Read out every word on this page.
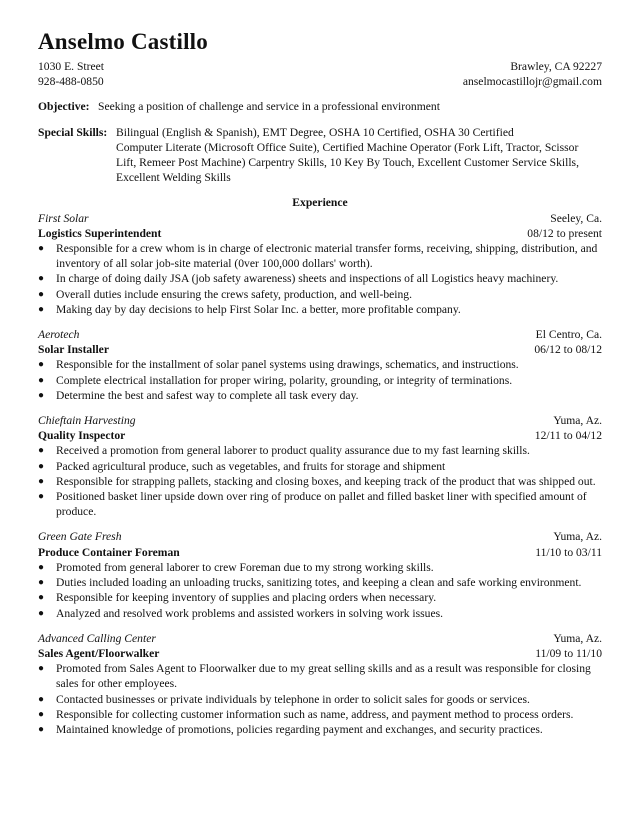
Anselmo Castillo
1030 E. Street	Brawley, CA 92227
928-488-0850	anselmocastillojr@gmail.com
Objective: Seeking a position of challenge and service in a professional environment
Special Skills: Bilingual (English & Spanish), EMT Degree, OSHA 10 Certified, OSHA 30 Certified
Computer Literate (Microsoft Office Suite), Certified Machine Operator (Fork Lift, Tractor, Scissor
Lift, Remeer Post Machine) Carpentry Skills, 10 Key By Touch, Excellent Customer Service Skills,
Excellent Welding Skills
Experience
First Solar	Seeley, Ca.
Logistics Superintendent	08/12 to present
● Responsible for a crew whom is in charge of electronic material transfer forms, receiving, shipping, distribution, and inventory of all solar job-site material (0ver 100,000 dollars' worth).
● In charge of doing daily JSA (job safety awareness) sheets and inspections of all Logistics heavy machinery.
● Overall duties include ensuring the crews safety, production, and well-being.
● Making day by day decisions to help First Solar Inc. a better, more profitable company.
Aerotech	El Centro, Ca.
Solar Installer	06/12 to 08/12
● Responsible for the installment of solar panel systems using drawings, schematics, and instructions.
● Complete electrical installation for proper wiring, polarity, grounding, or integrity of terminations.
● Determine the best and safest way to complete all task every day.
Chieftain Harvesting	Yuma, Az.
Quality Inspector	12/11 to 04/12
● Received a promotion from general laborer to product quality assurance due to my fast learning skills.
● Packed agricultural produce, such as vegetables, and fruits for storage and shipment
● Responsible for strapping pallets, stacking and closing boxes, and keeping track of the product that was shipped out.
● Positioned basket liner upside down over ring of produce on pallet and filled basket liner with specified amount of produce.
Green Gate Fresh	Yuma, Az.
Produce Container Foreman	11/10 to 03/11
● Promoted from general laborer to crew Foreman due to my strong working skills.
● Duties included loading an unloading trucks, sanitizing totes, and keeping a clean and safe working environment.
● Responsible for keeping inventory of supplies and placing orders when necessary.
● Analyzed and resolved work problems and assisted workers in solving work issues.
Advanced Calling Center	Yuma, Az.
Sales Agent/Floorwalker	11/09 to 11/10
● Promoted from Sales Agent to Floorwalker due to my great selling skills and as a result was responsible for closing sales for other employees.
● Contacted businesses or private individuals by telephone in order to solicit sales for goods or services.
● Responsible for collecting customer information such as name, address, and payment method to process orders.
● Maintained knowledge of promotions, policies regarding payment and exchanges, and security practices.
